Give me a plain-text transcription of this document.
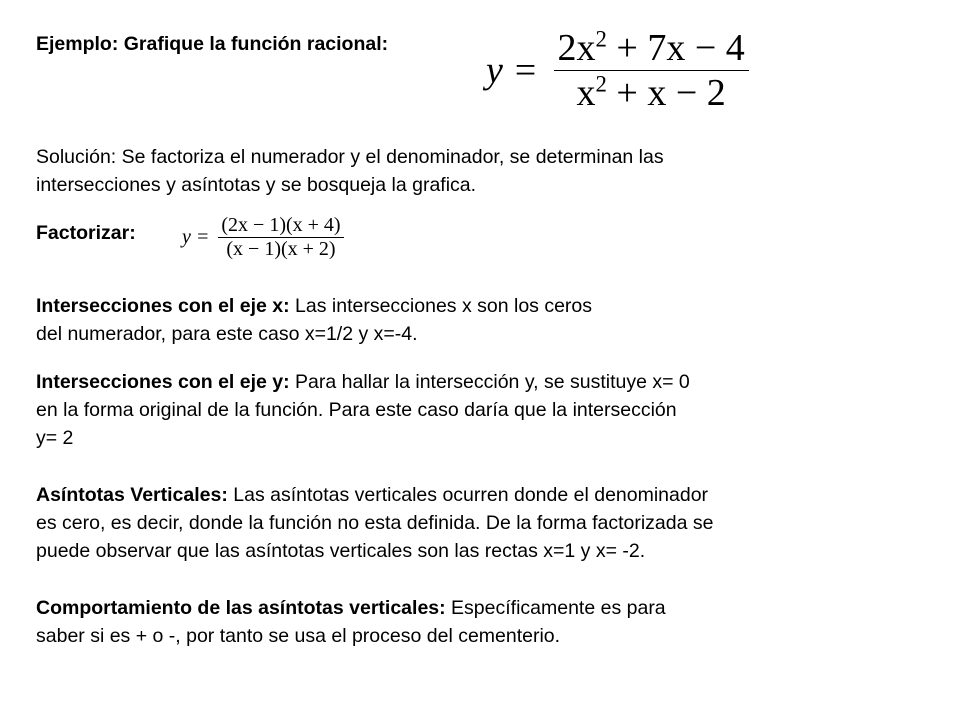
Ejemplo: Grafique la función racional:
$y = \frac{2x^2 + 7x - 4}{x^2 + x - 2}$
Solución: Se factoriza el numerador y el denominador, se determinan las
intersecciones y asíntotas y se bosqueja la grafica.
Factorizar: $y = \frac{(2x - 1)(x + 4)}{(x - 1)(x + 2)}$
Intersecciones con el eje x: Las intersecciones x son los ceros
del numerador, para este caso x=1/2 y x=-4.
Intersecciones con el eje y: Para hallar la intersección y, se sustituye x= 0
en la forma original de la función. Para este caso daría que la intersección
y= 2
Asíntotas Verticales: Las asíntotas verticales ocurren donde el denominador
es cero, es decir, donde la función no esta definida. De la forma factorizada se
puede observar que las asíntotas verticales son las rectas x=1 y x= -2.
Comportamiento de las asíntotas verticales: Específicamente es para
saber si es + o -, por tanto se usa el proceso del cementerio.
